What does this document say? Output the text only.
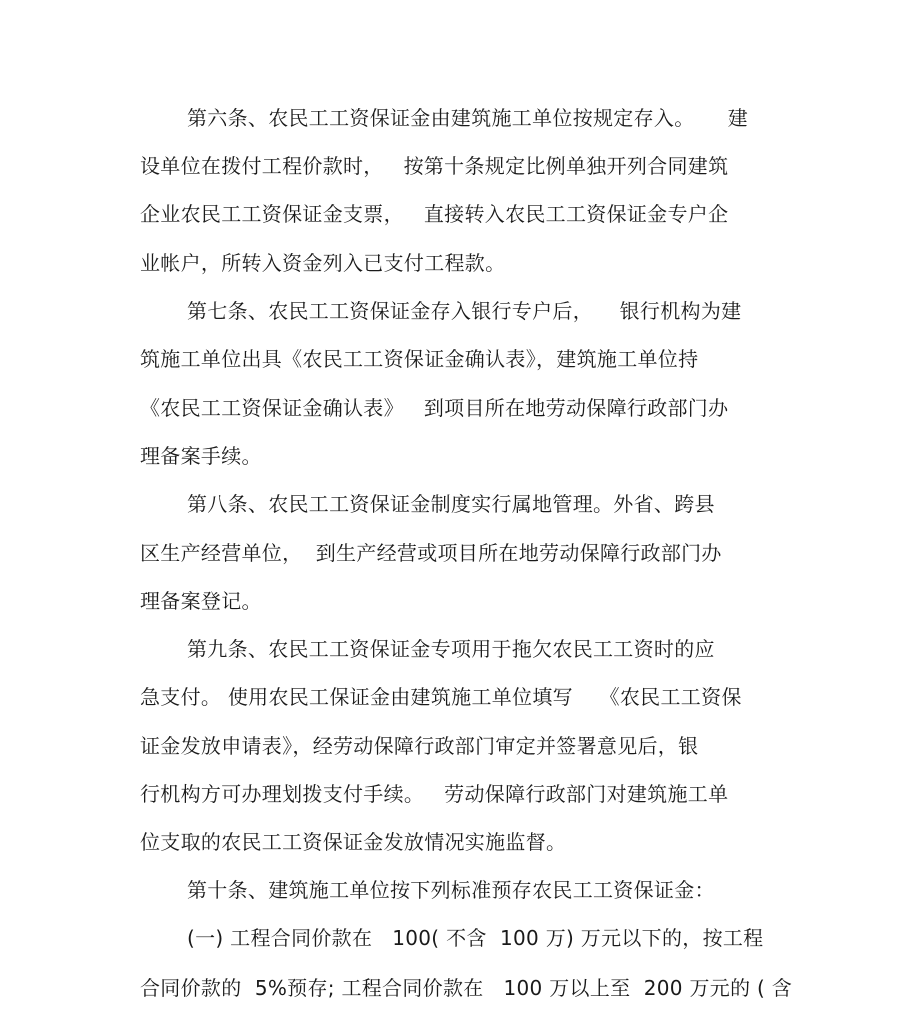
第六条、农民工工资保证金由建筑施工单位按规定存入。     建
设单位在拨付工程价款时，   按第十条规定比例单独开列合同建筑
企业农民工工资保证金支票，   直接转入农民工工资保证金专户企
业帐户，所转入资金列入已支付工程款。
第七条、农民工工资保证金存入银行专户后，    银行机构为建
筑施工单位出具《农民工工资保证金确认表》，建筑施工单位持
《农民工工资保证金确认表》   到项目所在地劳动保障行政部门办
理备案手续。
第八条、农民工工资保证金制度实行属地管理。外省、跨县
区生产经营单位，  到生产经营或项目所在地劳动保障行政部门办
理备案登记。
第九条、农民工工资保证金专项用于拖欠农民工工资时的应
急支付。 使用农民工保证金由建筑施工单位填写    《农民工工资保
证金发放申请表》，经劳动保障行政部门审定并签署意见后，银
行机构方可办理划拨支付手续。   劳动保障行政部门对建筑施工单
位支取的农民工工资保证金发放情况实施监督。
第十条、建筑施工单位按下列标准预存农民工工资保证金：
(一) 工程合同价款在   100( 不含  100 万) 万元以下的，按工程
合同价款的  5%预存; 工程合同价款在   100 万以上至  200 万元的 ( 含
